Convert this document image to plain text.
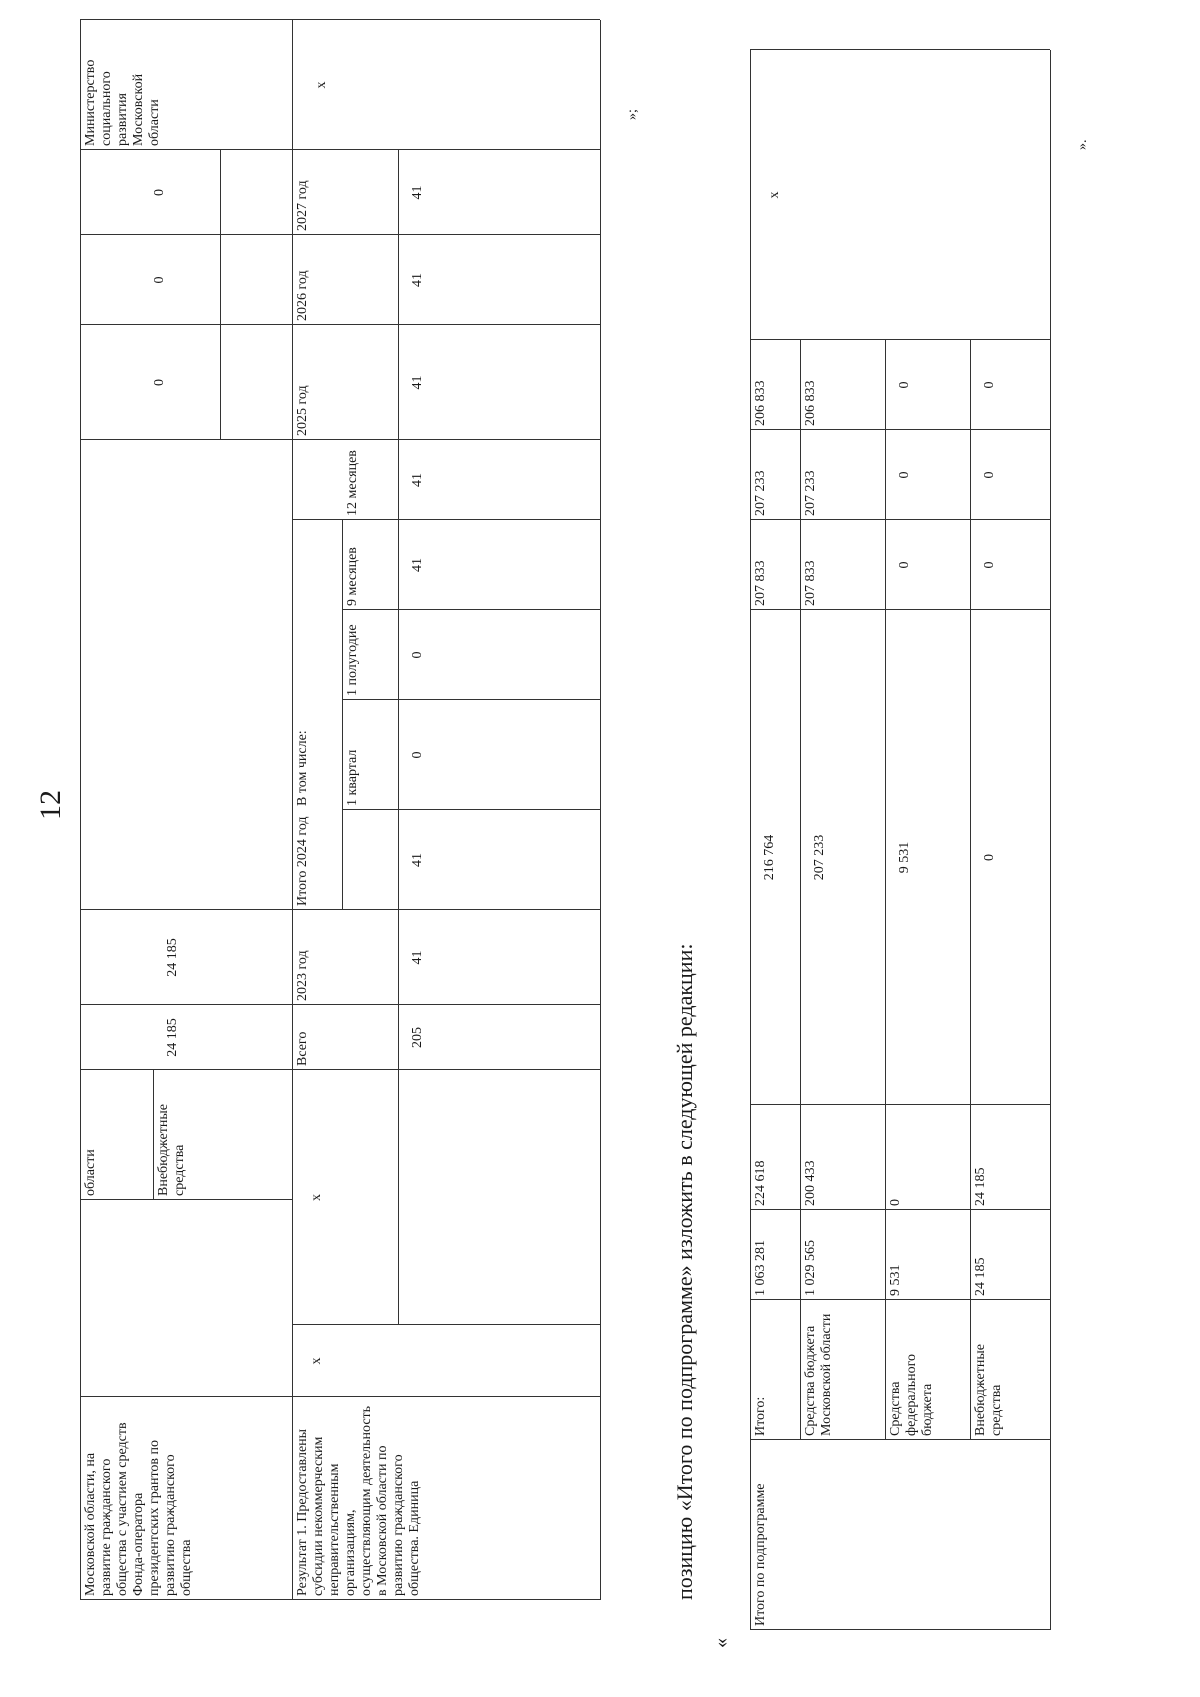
12
Московской области, на развитие гражданского общества с участием средств Фонда-оператора президентских грантов по развитию гражданского общества
области	Внебюджетные средства
24 185
24 185
0
0
0
Министерство социального развития Московской области
Результат 1. Предоставлены субсидии некоммерческим неправительственным организациям, осуществляющим деятельность в Московской области по развитию гражданского общества. Единица
x
x
Всего
2023 год
Итого 2024 год
В том числе:	1 квартал
1 полугодие
9 месяцев
12 месяцев
2025 год
2026 год
2027 год
205
41
41
0
0
41
41
41
41
41
x
»;
позицию «Итого по подпрограмме» изложить в следующей редакции:
«
Итого по подпрограмме
Итого:
1 063 281
224 618
216 764
207 833
207 233
206 833
Средства бюджета Московской области
1 029 565
200 433
207 233
207 833
207 233
206 833
Средства федерального бюджета
9 531
0
9 531
0
0
0
Внебюджетные средства
24 185
24 185
0
0
0
0
x
».
